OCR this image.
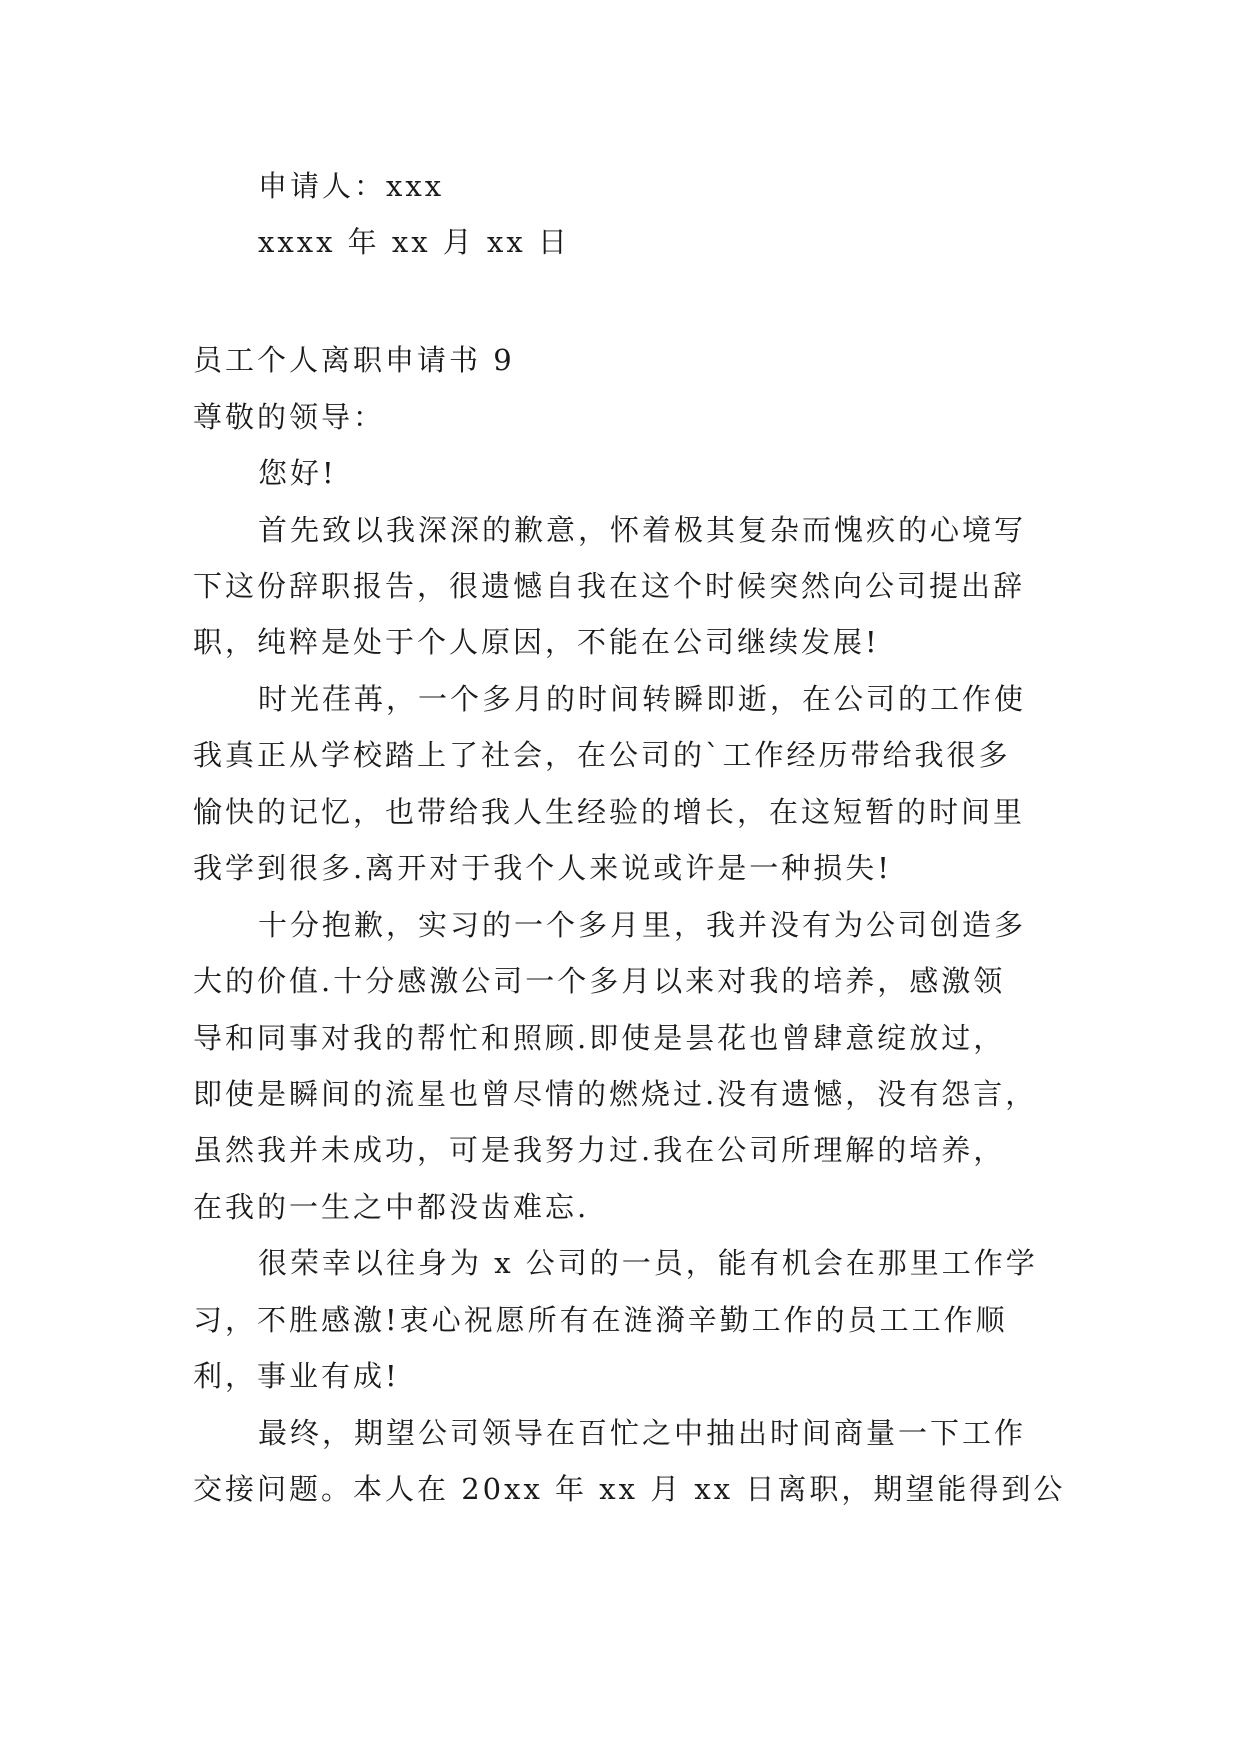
申请人：xxx
xxxx 年 xx 月 xx 日
员工个人离职申请书 9
尊敬的领导：
您好!
首先致以我深深的歉意，怀着极其复杂而愧疚的心境写
下这份辞职报告，很遗憾自我在这个时候突然向公司提出辞
职，纯粹是处于个人原因，不能在公司继续发展!
时光荏苒，一个多月的时间转瞬即逝，在公司的工作使
我真正从学校踏上了社会，在公司的`工作经历带给我很多
愉快的记忆，也带给我人生经验的增长，在这短暂的时间里
我学到很多.离开对于我个人来说或许是一种损失!
十分抱歉，实习的一个多月里，我并没有为公司创造多
大的价值.十分感激公司一个多月以来对我的培养，感激领
导和同事对我的帮忙和照顾.即使是昙花也曾肆意绽放过，
即使是瞬间的流星也曾尽情的燃烧过.没有遗憾，没有怨言，
虽然我并未成功，可是我努力过.我在公司所理解的培养，
在我的一生之中都没齿难忘.
很荣幸以往身为 x 公司的一员，能有机会在那里工作学
习，不胜感激!衷心祝愿所有在涟漪辛勤工作的员工工作顺
利，事业有成!
最终，期望公司领导在百忙之中抽出时间商量一下工作
交接问题。本人在 20xx 年 xx 月 xx 日离职，期望能得到公
